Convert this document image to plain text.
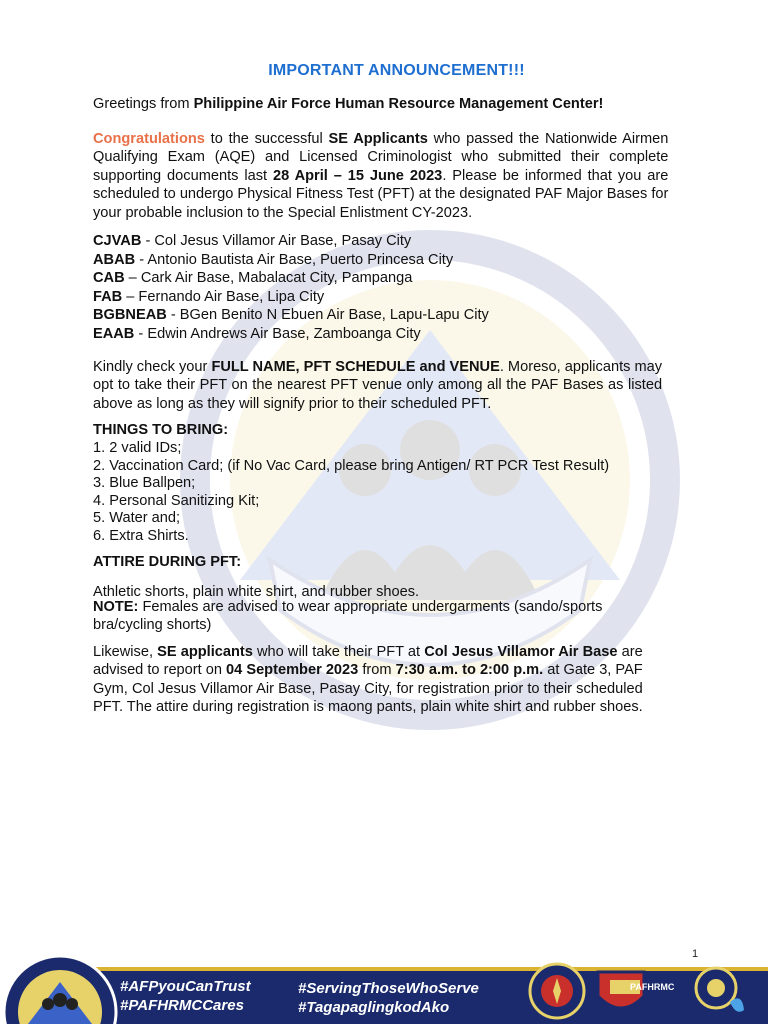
IMPORTANT ANNOUNCEMENT!!!
Greetings from Philippine Air Force Human Resource Management Center!
Congratulations to the successful SE Applicants who passed the Nationwide Airmen
Qualifying Exam (AQE) and Licensed Criminologist who submitted their complete
supporting documents last 28 April – 15 June 2023. Please be informed that you are
scheduled to undergo Physical Fitness Test (PFT) at the designated PAF Major Bases for
your probable inclusion to the Special Enlistment CY-2023.
CJVAB - Col Jesus Villamor Air Base, Pasay City
ABAB - Antonio Bautista Air Base, Puerto Princesa City
CAB – Cark Air Base, Mabalacat City, Pampanga
FAB – Fernando Air Base, Lipa City
BGBNEAB - BGen Benito N Ebuen Air Base, Lapu-Lapu City
EAAB - Edwin Andrews Air Base, Zamboanga City
Kindly check your FULL NAME, PFT SCHEDULE and VENUE. Moreso, applicants may
opt to take their PFT on the nearest PFT venue only among all the PAF Bases as listed
above as long as they will signify prior to their scheduled PFT.
THINGS TO BRING:
1. 2 valid IDs;
2. Vaccination Card; (if No Vac Card, please bring Antigen/ RT PCR Test Result)
3. Blue Ballpen;
4. Personal Sanitizing Kit;
5. Water and;
6. Extra Shirts.
ATTIRE DURING PFT:
Athletic shorts, plain white shirt, and rubber shoes.
NOTE: Females are advised to wear appropriate undergarments (sando/sports
bra/cycling shorts)
Likewise, SE applicants who will take their PFT at Col Jesus Villamor Air Base are
advised to report on 04 September 2023 from 7:30 a.m. to 2:00 p.m. at Gate 3, PAF
Gym, Col Jesus Villamor Air Base, Pasay City, for registration prior to their scheduled
PFT. The attire during registration is maong pants, plain white shirt and rubber shoes.
1
#AFPyouCanTrust
#PAFHRMCCares
#ServingThoseWhoServe
#TagapaglingkodAko
PAFHRMC
